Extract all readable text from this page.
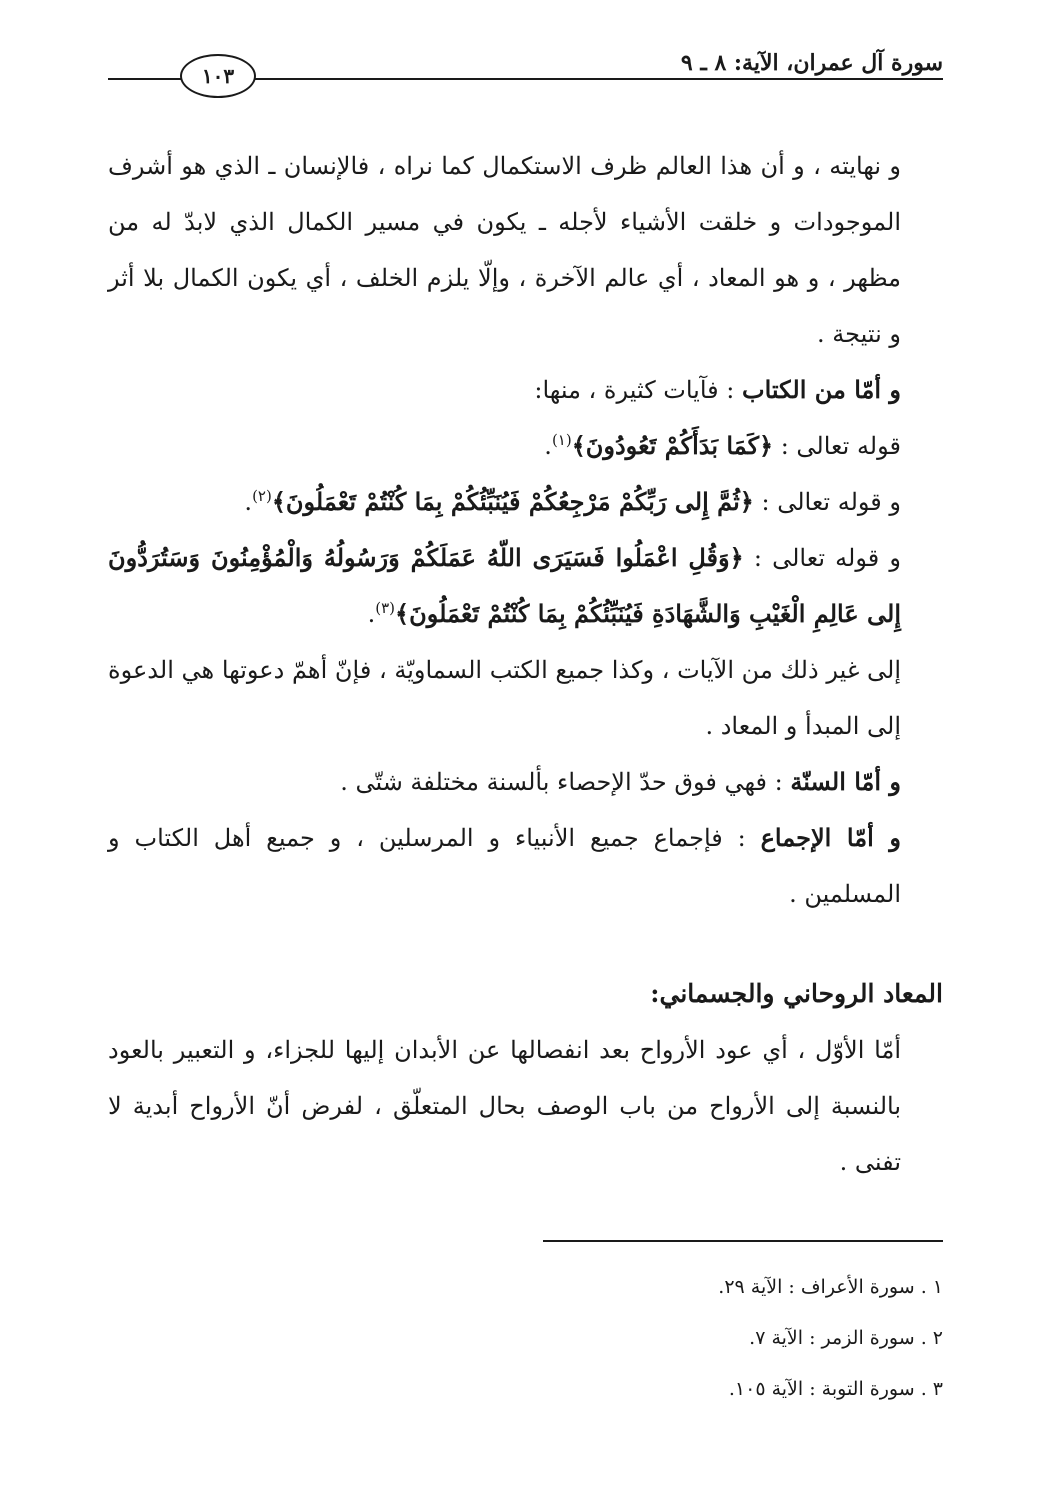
سورة آل عمران، الآية: ٨ ـ ٩
١٠٣

و نهايته ، و أن هذا العالم ظرف الاستكمال كما نراه ، فالإنسان ـ الذي هو أشرف الموجودات و خلقت الأشياء لأجله ـ يكون في مسير الكمال الذي لابدّ له من مظهر ، و هو المعاد ، أي عالم الآخرة ، وإلّا يلزم الخلف ، أي يكون الكمال بلا أثر و نتيجة .

و أمّا من الكتاب : فآيات كثيرة ، منها:

قوله تعالى : ﴿كَمَا بَدَأَكُمْ تَعُودُونَ﴾$^{(١)}$.

و قوله تعالى : ﴿ثُمَّ إِلى رَبِّكُمْ مَرْجِعُكُمْ فَيُنَبِّئُكُمْ بِمَا كُنْتُمْ تَعْمَلُونَ﴾$^{(٢)}$.

و قوله تعالى : ﴿وَقُلِ اعْمَلُوا فَسَيَرَى اللّهُ عَمَلَكُمْ وَرَسُولُهُ وَالْمُؤْمِنُونَ وَسَتُرَدُّونَ إِلى عَالِمِ الْغَيْبِ وَالشَّهَادَةِ فَيُنَبِّئُكُمْ بِمَا كُنْتُمْ تَعْمَلُونَ﴾$^{(٣)}$.

إلى غير ذلك من الآيات ، وكذا جميع الكتب السماويّة ، فإنّ أهمّ دعوتها هي الدعوة إلى المبدأ و المعاد .

و أمّا السنّة : فهي فوق حدّ الإحصاء بألسنة مختلفة شتّى .

و أمّا الإجماع : فإجماع جميع الأنبياء و المرسلين ، و جميع أهل الكتاب و المسلمين .

المعاد الروحاني والجسماني:

أمّا الأوّل ، أي عود الأرواح بعد انفصالها عن الأبدان إليها للجزاء، و التعبير بالعود بالنسبة إلى الأرواح من باب الوصف بحال المتعلّق ، لفرض أنّ الأرواح أبدية لا تفنى .

١ . سورة الأعراف : الآية ٢٩.
٢ . سورة الزمر : الآية ٧.
٣ . سورة التوبة : الآية ١٠٥.
